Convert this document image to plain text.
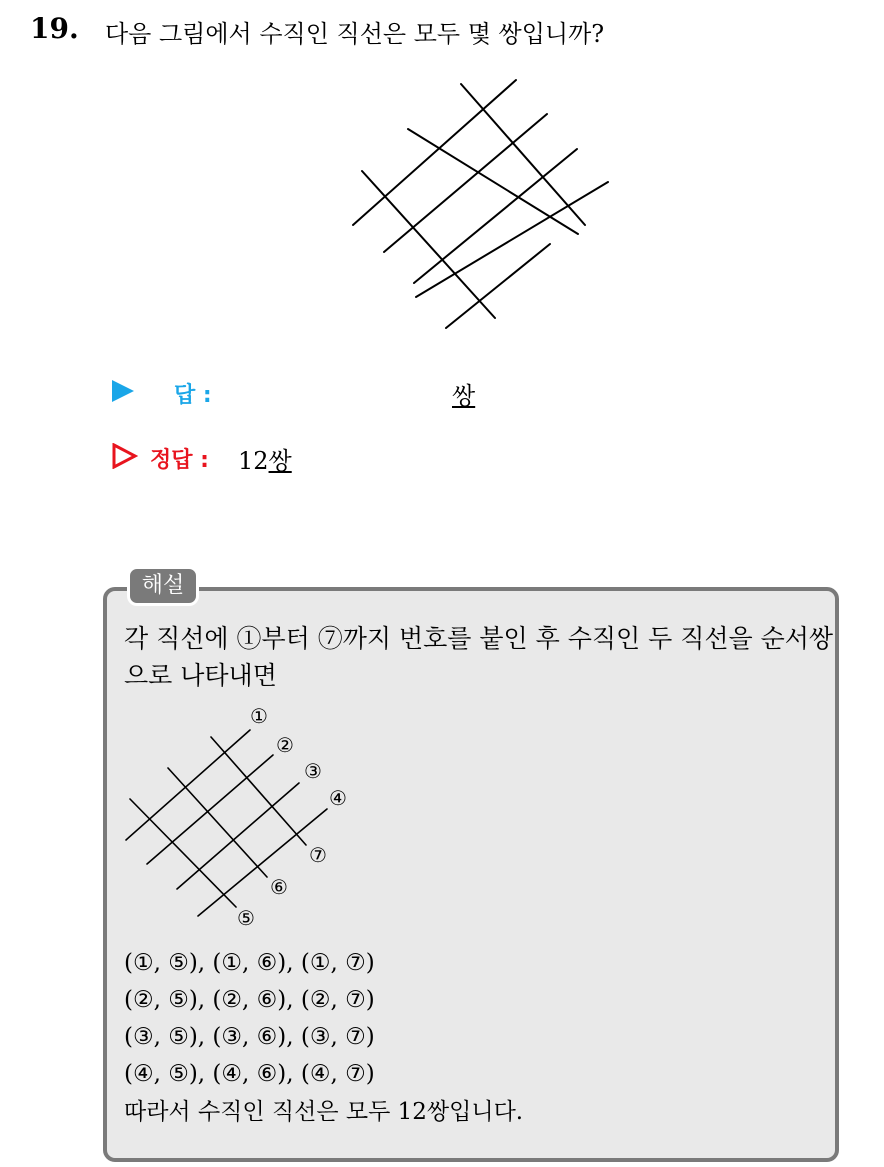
19. 다음 그림에서 수직인 직선은 모두 몇 쌍입니까?
답 :	쌍
정답 : 12쌍
해설
각 직선에 ①부터 ⑦까지 번호를 붙인 후 수직인 두 직선을 순서쌍으로 나타내면
①
②
③
④
⑤
⑥
⑦
(①, ⑤), (①, ⑥), (①, ⑦)
(②, ⑤), (②, ⑥), (②, ⑦)
(③, ⑤), (③, ⑥), (③, ⑦)
(④, ⑤), (④, ⑥), (④, ⑦)
따라서 수직인 직선은 모두 12쌍입니다.
